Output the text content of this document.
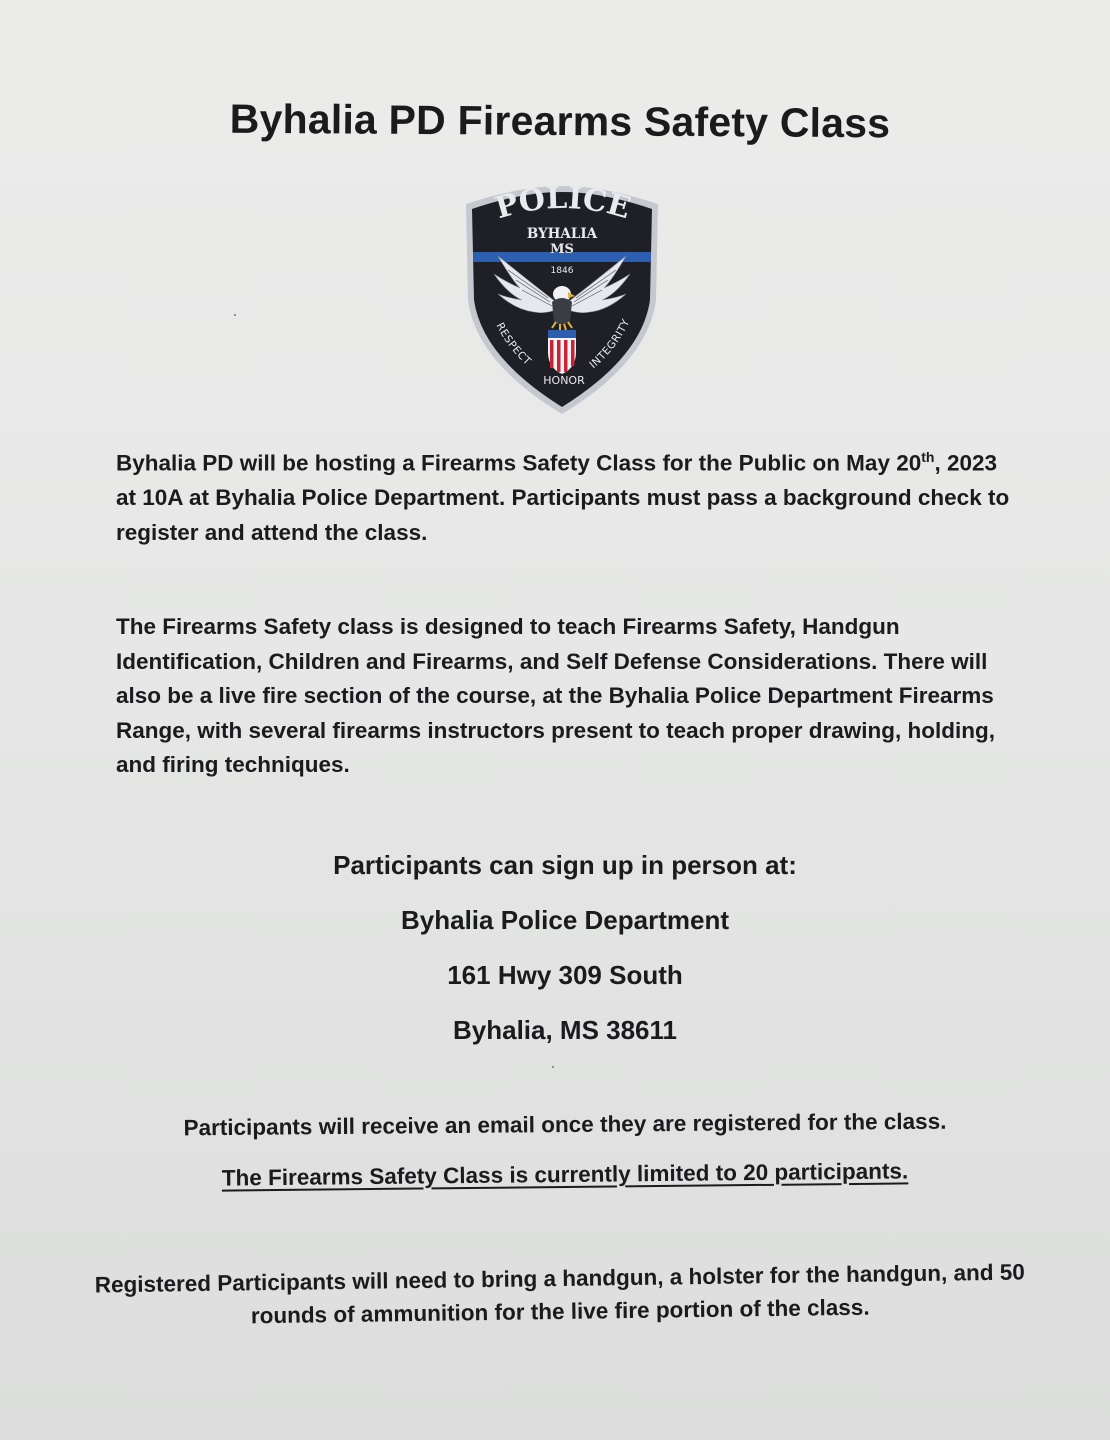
Byhalia PD Firearms Safety Class
POLICE
BYHALIA
MS
1846
RESPECT	INTEGRITY
HONOR

Byhalia PD will be hosting a Firearms Safety Class for the Public on May 20th, 2023 at 10A at Byhalia Police Department. Participants must pass a background check to register and attend the class.

The Firearms Safety class is designed to teach Firearms Safety, Handgun Identification, Children and Firearms, and Self Defense Considerations. There will also be a live fire section of the course, at the Byhalia Police Department Firearms Range, with several firearms instructors present to teach proper drawing, holding, and firing techniques.

Participants can sign up in person at:

Byhalia Police Department

161 Hwy 309 South

Byhalia, MS 38611

Participants will receive an email once they are registered for the class.

The Firearms Safety Class is currently limited to 20 participants.

Registered Participants will need to bring a handgun, a holster for the handgun, and 50 rounds of ammunition for the live fire portion of the class.
